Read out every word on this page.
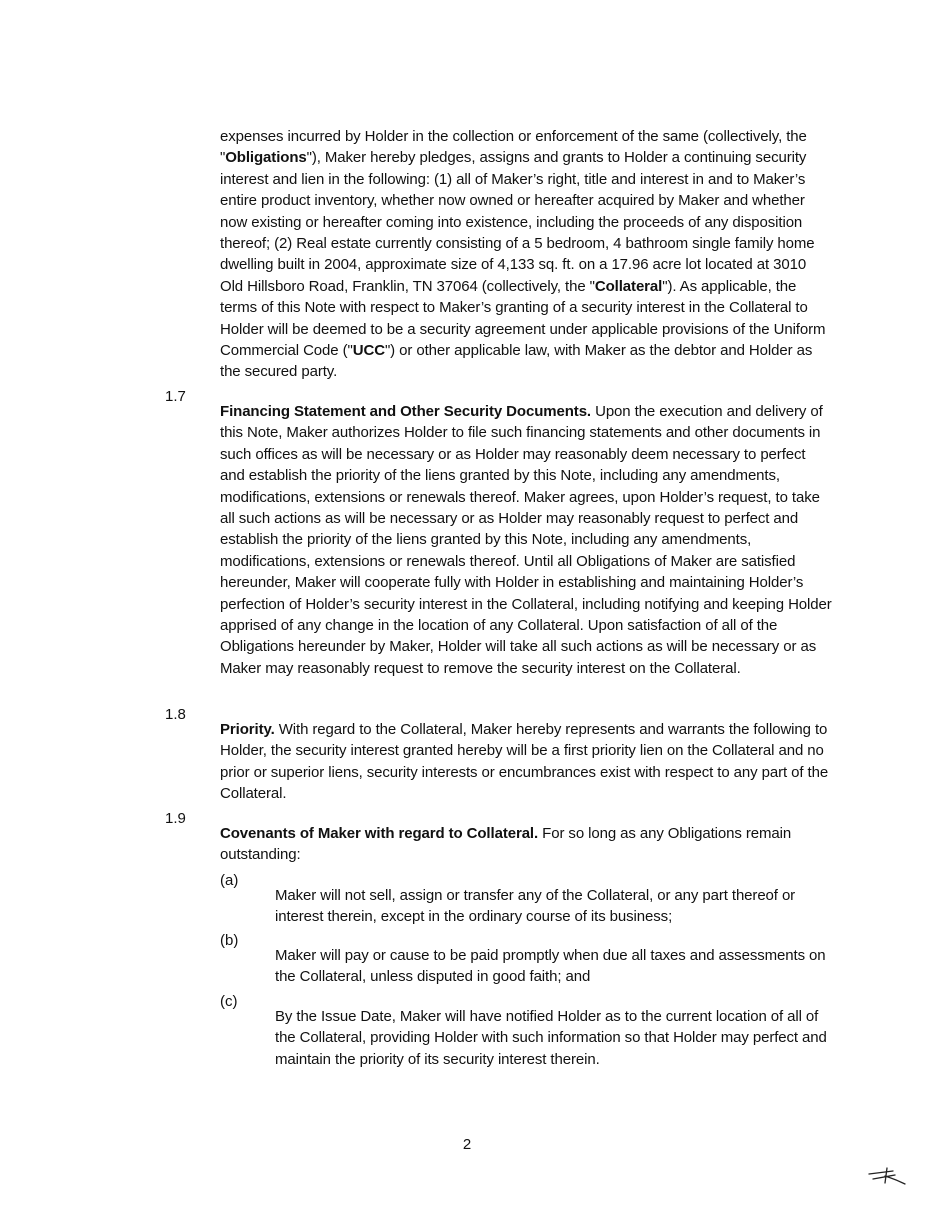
expenses incurred by Holder in the collection or enforcement of the same (collectively, the "Obligations"), Maker hereby pledges, assigns and grants to Holder a continuing security interest and lien in the following: (1) all of Maker’s right, title and interest in and to Maker’s entire product inventory, whether now owned or hereafter acquired by Maker and whether now existing or hereafter coming into existence, including the proceeds of any disposition thereof; (2) Real estate currently consisting of a 5 bedroom, 4 bathroom single family home dwelling built in 2004, approximate size of 4,133 sq. ft. on a 17.96 acre lot located at 3010 Old Hillsboro Road, Franklin, TN 37064 (collectively, the "Collateral"). As applicable, the terms of this Note with respect to Maker’s granting of a security interest in the Collateral to Holder will be deemed to be a security agreement under applicable provisions of the Uniform Commercial Code ("UCC") or other applicable law, with Maker as the debtor and Holder as the secured party.

1.7

Financing Statement and Other Security Documents. Upon the execution and delivery of this Note, Maker authorizes Holder to file such financing statements and other documents in such offices as will be necessary or as Holder may reasonably deem necessary to perfect and establish the priority of the liens granted by this Note, including any amendments, modifications, extensions or renewals thereof. Maker agrees, upon Holder’s request, to take all such actions as will be necessary or as Holder may reasonably request to perfect and establish the priority of the liens granted by this Note, including any amendments, modifications, extensions or renewals thereof. Until all Obligations of Maker are satisfied hereunder, Maker will cooperate fully with Holder in establishing and maintaining Holder’s perfection of Holder’s security interest in the Collateral, including notifying and keeping Holder apprised of any change in the location of any Collateral. Upon satisfaction of all of the Obligations hereunder by Maker, Holder will take all such actions as will be necessary or as Maker may reasonably request to remove the security interest on the Collateral.

1.8

Priority. With regard to the Collateral, Maker hereby represents and warrants the following to Holder, the security interest granted hereby will be a first priority lien on the Collateral and no prior or superior liens, security interests or encumbrances exist with respect to any part of the Collateral.

1.9

Covenants of Maker with regard to Collateral. For so long as any Obligations remain outstanding:

(a)

Maker will not sell, assign or transfer any of the Collateral, or any part thereof or interest therein, except in the ordinary course of its business;

(b)

Maker will pay or cause to be paid promptly when due all taxes and assessments on the Collateral, unless disputed in good faith; and

(c)

By the Issue Date, Maker will have notified Holder as to the current location of all of the Collateral, providing Holder with such information so that Holder may perfect and maintain the priority of its security interest therein.

2
